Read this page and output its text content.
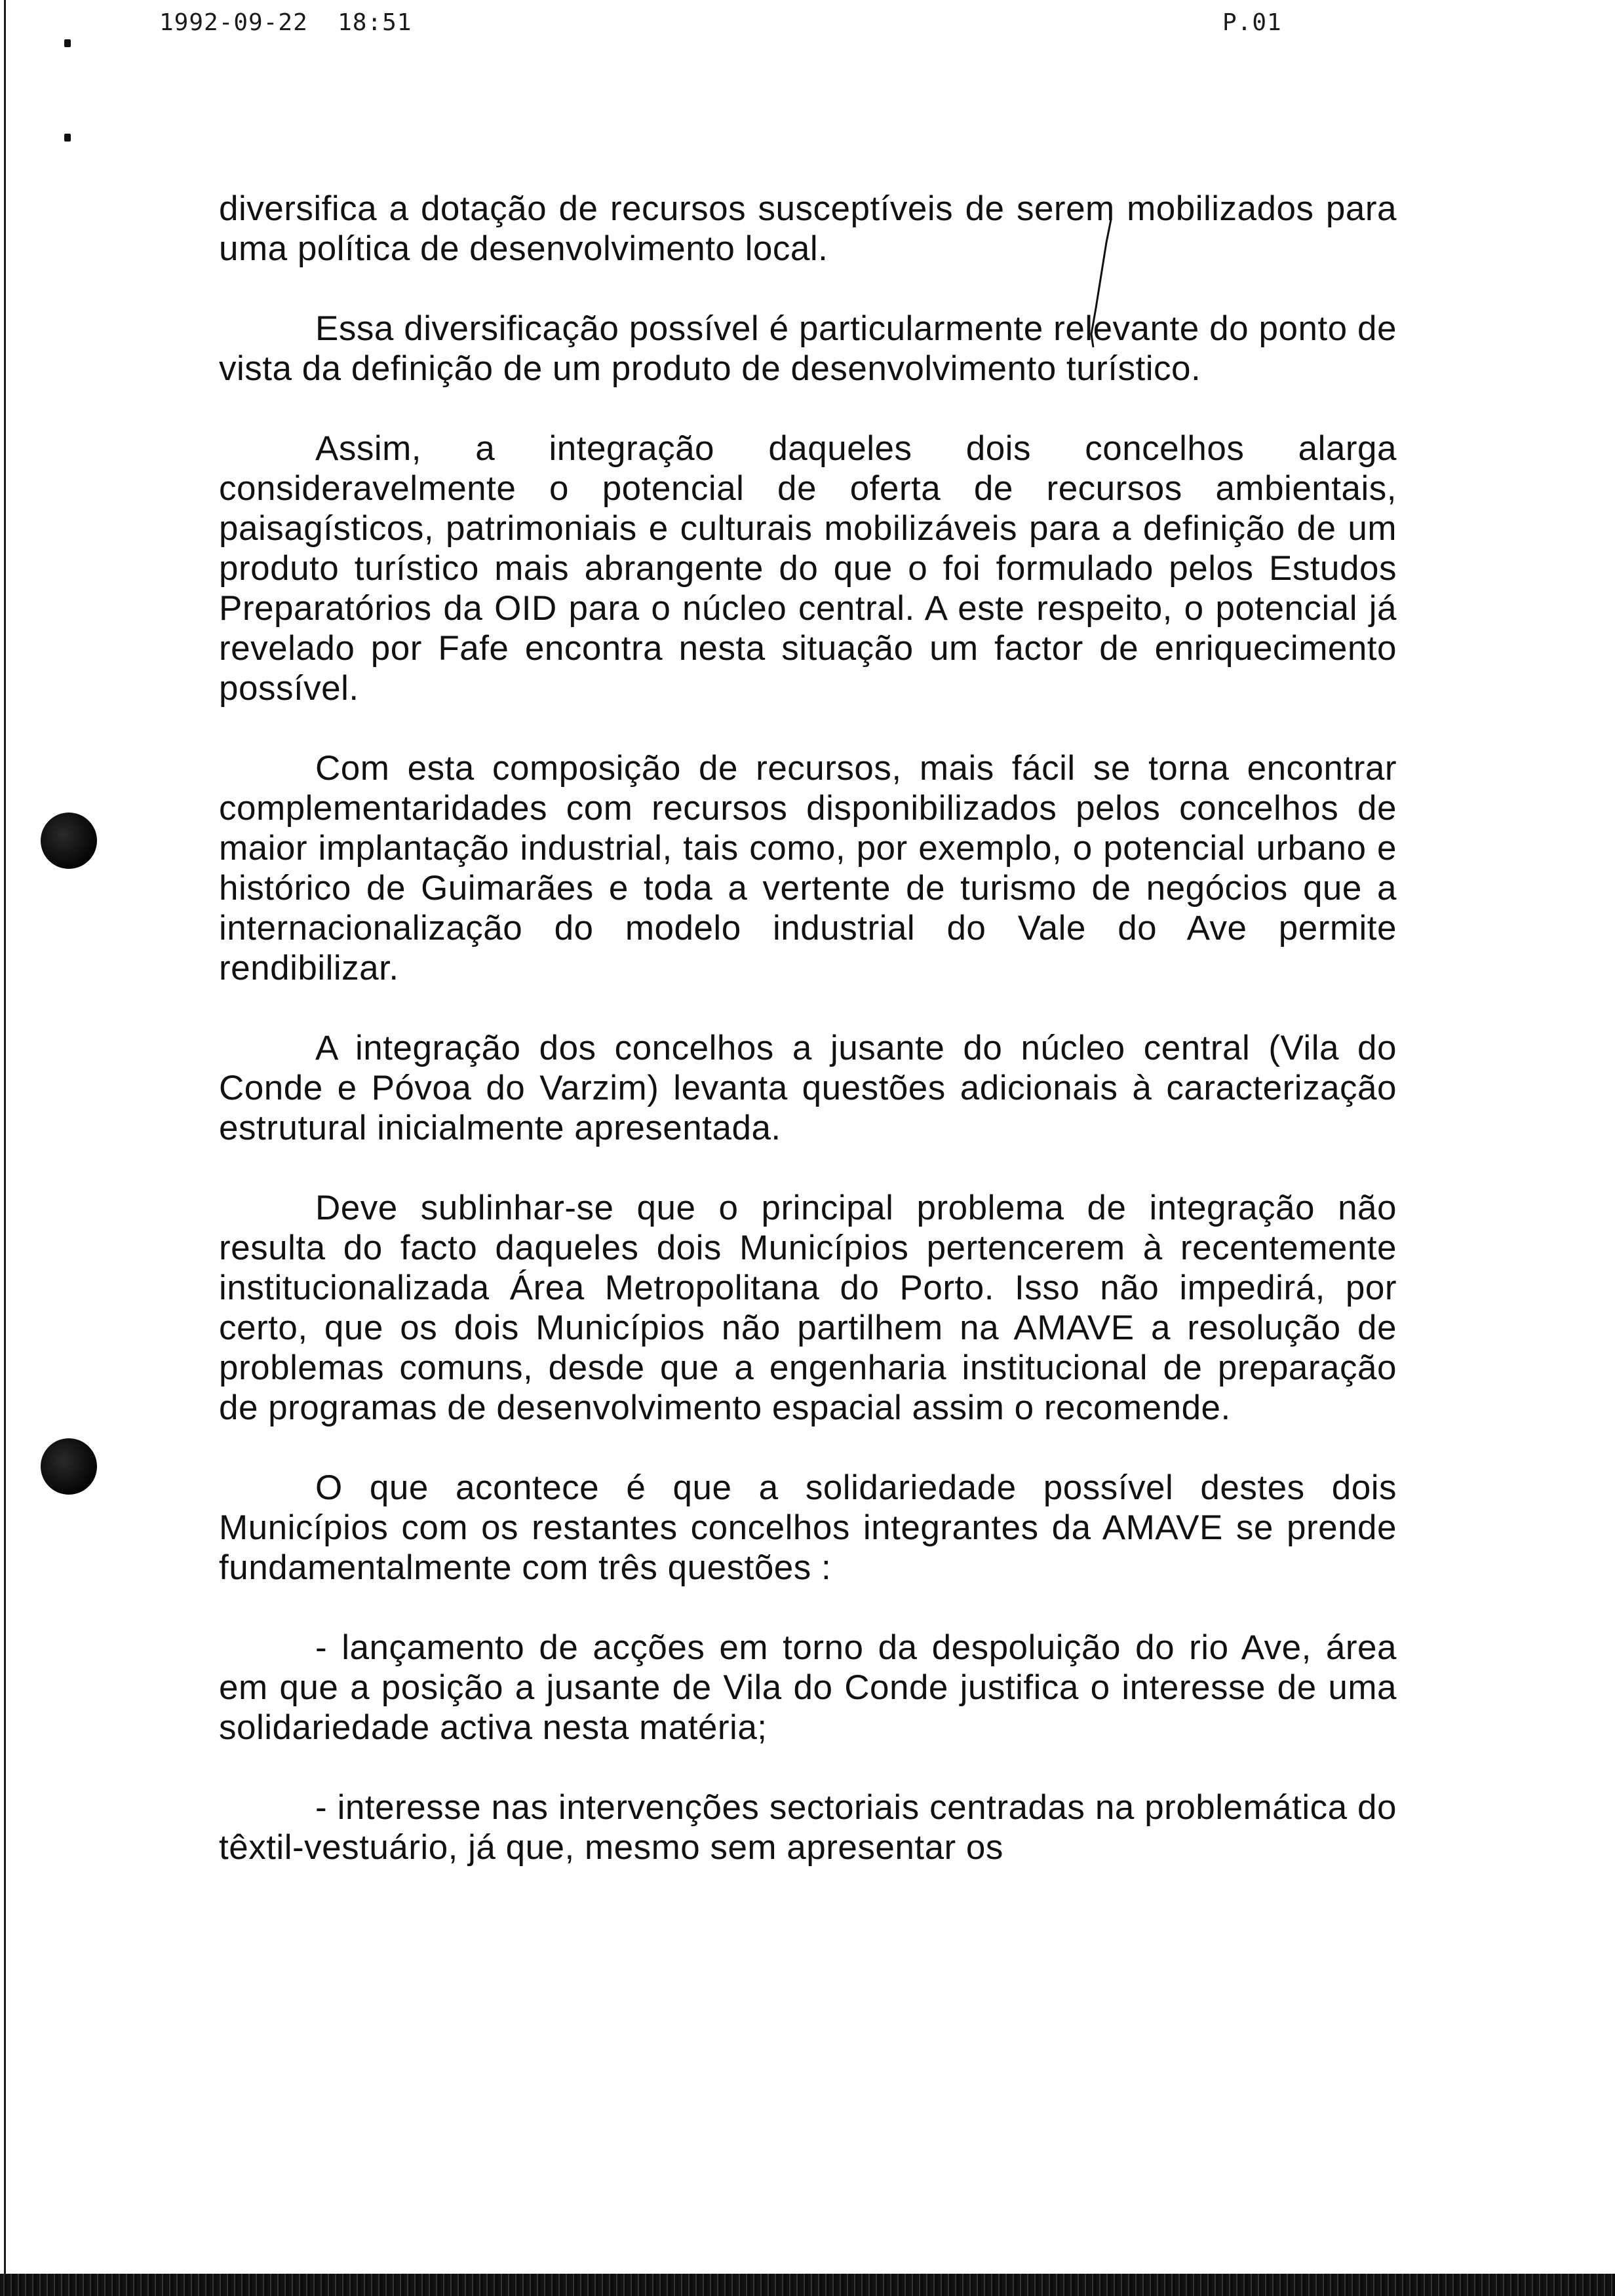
1992-09-22  18:51	P.01

diversifica a dotação de recursos susceptíveis de serem mobilizados para uma política de desenvolvimento local.

Essa diversificação possível é particularmente relevante do ponto de vista da definição de um produto de desenvolvimento turístico.

Assim, a integração daqueles dois concelhos alarga consideravelmente o potencial de oferta de recursos ambientais, paisagísticos, patrimoniais e culturais mobilizáveis para a definição de um produto turístico mais abrangente do que o foi formulado pelos Estudos Preparatórios da OID para o núcleo central. A este respeito, o potencial já revelado por Fafe encontra nesta situação um factor de enriquecimento possível.

Com esta composição de recursos, mais fácil se torna encontrar complementaridades com recursos disponibilizados pelos concelhos de maior implantação industrial, tais como, por exemplo, o potencial urbano e histórico de Guimarães e toda a vertente de turismo de negócios que a internacionalização do modelo industrial do Vale do Ave permite rendibilizar.

A integração dos concelhos a jusante do núcleo central (Vila do Conde e Póvoa do Varzim) levanta questões adicionais à caracterização estrutural inicialmente apresentada.

Deve sublinhar-se que o principal problema de integração não resulta do facto daqueles dois Municípios pertencerem à recentemente institucionalizada Área Metropolitana do Porto. Isso não impedirá, por certo, que os dois Municípios não partilhem na AMAVE a resolução de problemas comuns, desde que a engenharia institucional de preparação de programas de desenvolvimento espacial assim o recomende.

O que acontece é que a solidariedade possível destes dois Municípios com os restantes concelhos integrantes da AMAVE se prende fundamentalmente com três questões :

- lançamento de acções em torno da despoluição do rio Ave, área em que a posição a jusante de Vila do Conde justifica o interesse de uma solidariedade activa nesta matéria;

- interesse nas intervenções sectoriais centradas na problemática do têxtil-vestuário, já que, mesmo sem apresentar os
